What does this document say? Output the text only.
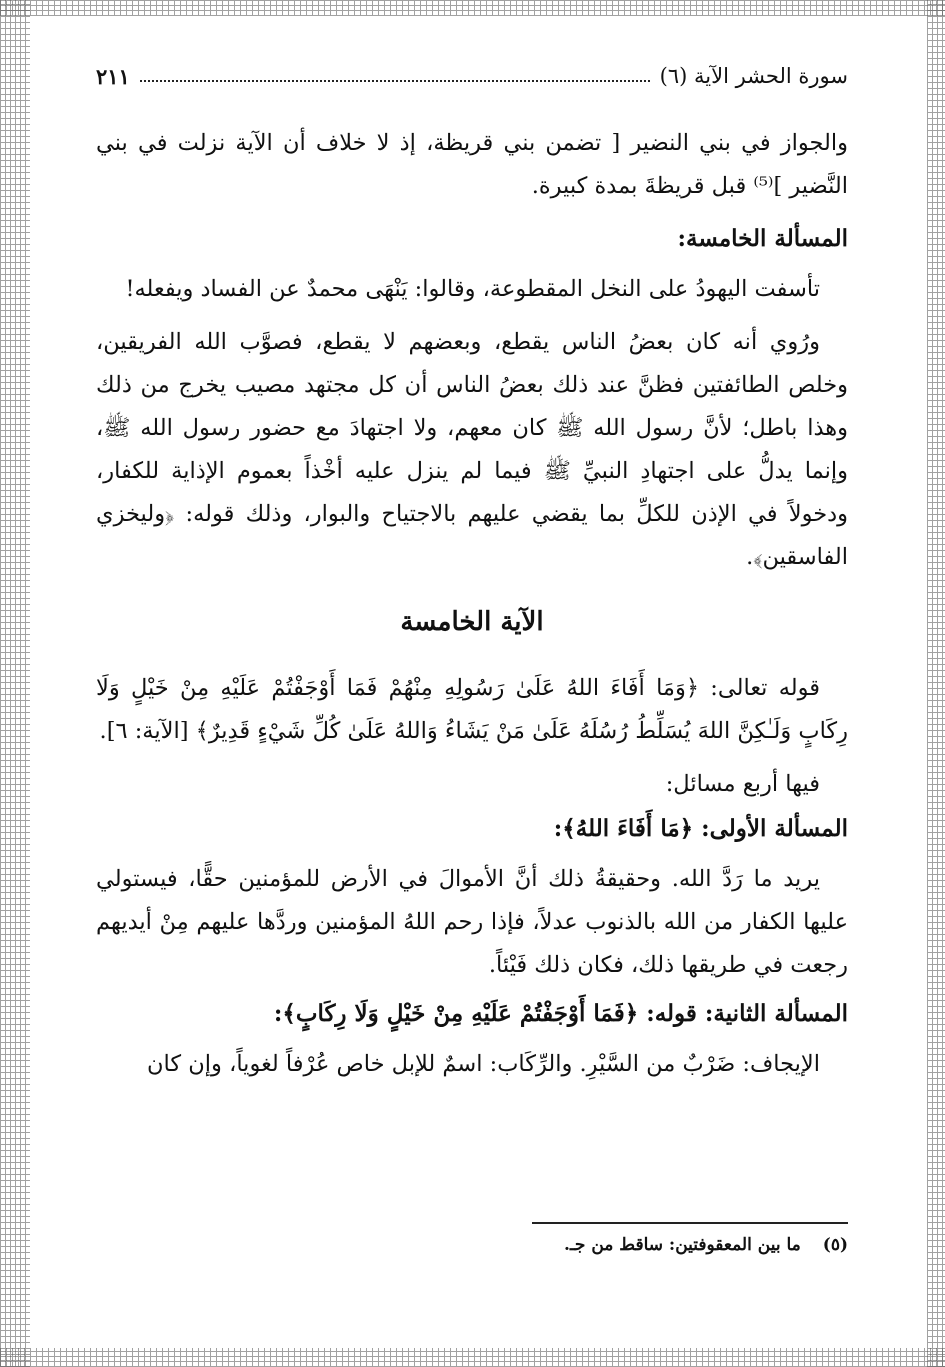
سورة الحشر الآية (٦)
٢١١

والجواز في بني النضير [ تضمن بني قريظة، إذ لا خلاف أن الآية نزلت في بني النَّضير ]⁽⁵⁾ قبل قريظةَ بمدة كبيرة.

المسألة الخامسة:

تأسفت اليهودُ على النخل المقطوعة، وقالوا: يَنْهَى محمدٌ عن الفساد ويفعله!

ورُوي أنه كان بعضُ الناس يقطع، وبعضهم لا يقطع، فصوَّب الله الفريقين، وخلص الطائفتين فظنَّ عند ذلك بعضُ الناس أن كل مجتهد مصيب يخرج من ذلك وهذا باطل؛ لأنَّ رسول الله ﷺ كان معهم، ولا اجتهادَ مع حضور رسول الله ﷺ، وإنما يدلُّ على اجتهادِ النبيِّ ﷺ فيما لم ينزل عليه أخْذاً بعموم الإذاية للكفار، ودخولاً في الإذن للكلِّ بما يقضي عليهم بالاجتياح والبوار، وذلك قوله: ﴿وليخزي الفاسقين﴾.

الآية الخامسة

قوله تعالى: ﴿وَمَا أَفَاءَ اللهُ عَلَىٰ رَسُولِهِ مِنْهُمْ فَمَا أَوْجَفْتُمْ عَلَيْهِ مِنْ خَيْلٍ وَلَا رِكَابٍ وَلَـٰكِنَّ اللهَ يُسَلِّطُ رُسُلَهُ عَلَىٰ مَنْ يَشَاءُ وَاللهُ عَلَىٰ كُلِّ شَيْءٍ قَدِيرٌ﴾ [الآية: ٦].

فيها أربع مسائل:

المسألة الأولى: ﴿مَا أَفَاءَ اللهُ﴾:

يريد ما رَدَّ الله. وحقيقةُ ذلك أنَّ الأموالَ في الأرض للمؤمنين حقًّا، فيستولي عليها الكفار من الله بالذنوب عدلاً، فإذا رحم اللهُ المؤمنين وردَّها عليهم مِنْ أيديهم رجعت في طريقها ذلك، فكان ذلك فَيْئاً.

المسألة الثانية: قوله: ﴿فَمَا أَوْجَفْتُمْ عَلَيْهِ مِنْ خَيْلٍ وَلَا رِكَابٍ﴾:

الإيجاف: ضَرْبٌ من السَّيْرِ. والرِّكَاب: اسمٌ للإبل خاص عُرْفاً لغوياً، وإن كان

(٥)
ما بين المعقوفتين: ساقط من جـ.
